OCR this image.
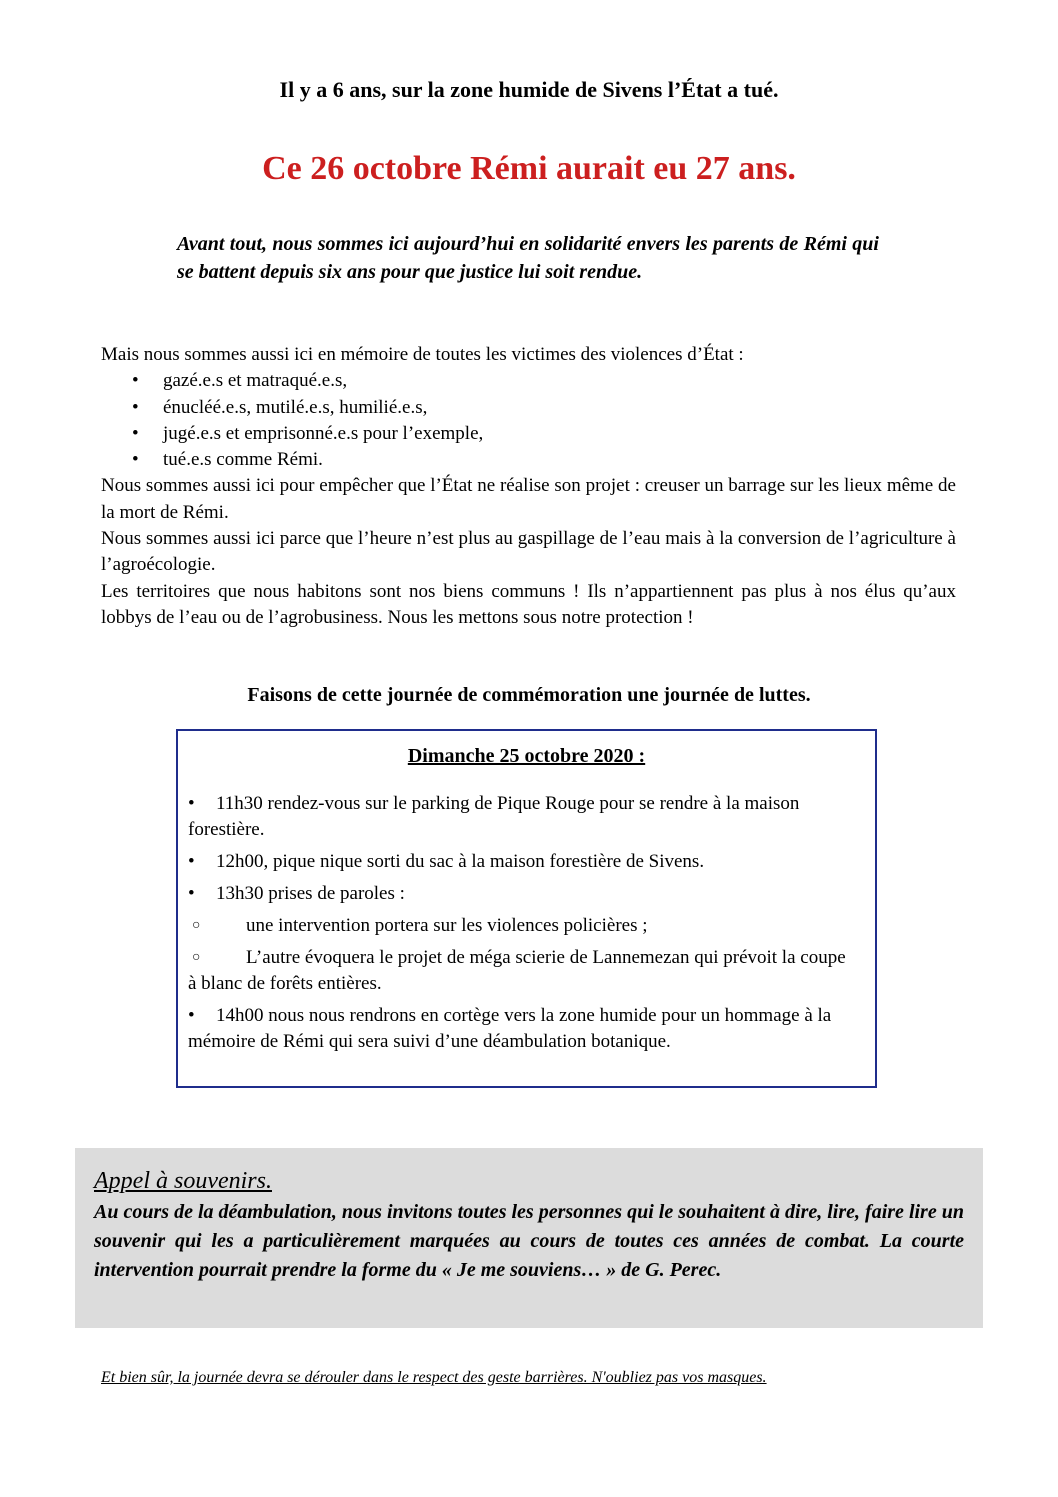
Il y a 6 ans, sur la zone humide de Sivens l’État a tué.
Ce 26 octobre Rémi aurait eu 27 ans.
Avant tout, nous sommes ici aujourd’hui en solidarité envers les parents de Rémi qui se battent depuis six ans pour que justice lui soit rendue.

Mais nous sommes aussi ici en mémoire de toutes les victimes des violences d’État :

• gazé.e.s et matraqué.e.s,
• énucléé.e.s, mutilé.e.s, humilié.e.s,
• jugé.e.s et emprisonné.e.s pour l’exemple,
• tué.e.s comme Rémi.

Nous sommes aussi ici pour empêcher que l’État ne réalise son projet : creuser un barrage sur les lieux même de la mort de Rémi.

Nous sommes aussi ici parce que l’heure n’est plus au gaspillage de l’eau mais à la conversion de l’agriculture à l’agroécologie.

Les territoires que nous habitons sont nos biens communs ! Ils n’appartiennent pas plus à nos élus qu’aux lobbys de l’eau ou de l’agrobusiness. Nous les mettons sous notre protection !

Faisons de cette journée de commémoration une journée de luttes.
Dimanche 25 octobre 2020 :
• 11h30 rendez-vous sur le parking de Pique Rouge pour se rendre à la maison forestière.
• 12h00, pique nique sorti du sac à la maison forestière de Sivens.
• 13h30 prises de paroles :
○ une intervention portera sur les violences policières ;
○ L’autre évoquera le projet de méga scierie de Lannemezan qui prévoit la coupe à blanc de forêts entières.
• 14h00 nous nous rendrons en cortège vers la zone humide pour un hommage à la mémoire de Rémi qui sera suivi d’une déambulation botanique.
Appel à souvenirs.
Au cours de la déambulation, nous invitons toutes les personnes qui le souhaitent à dire, lire, faire lire un souvenir qui les a particulièrement marquées au cours de toutes ces années de combat. La courte intervention pourrait prendre la forme du « Je me souviens… » de G. Perec.
Et bien sûr, la journée devra se dérouler dans le respect des geste barrières. N'oubliez pas vos masques.
